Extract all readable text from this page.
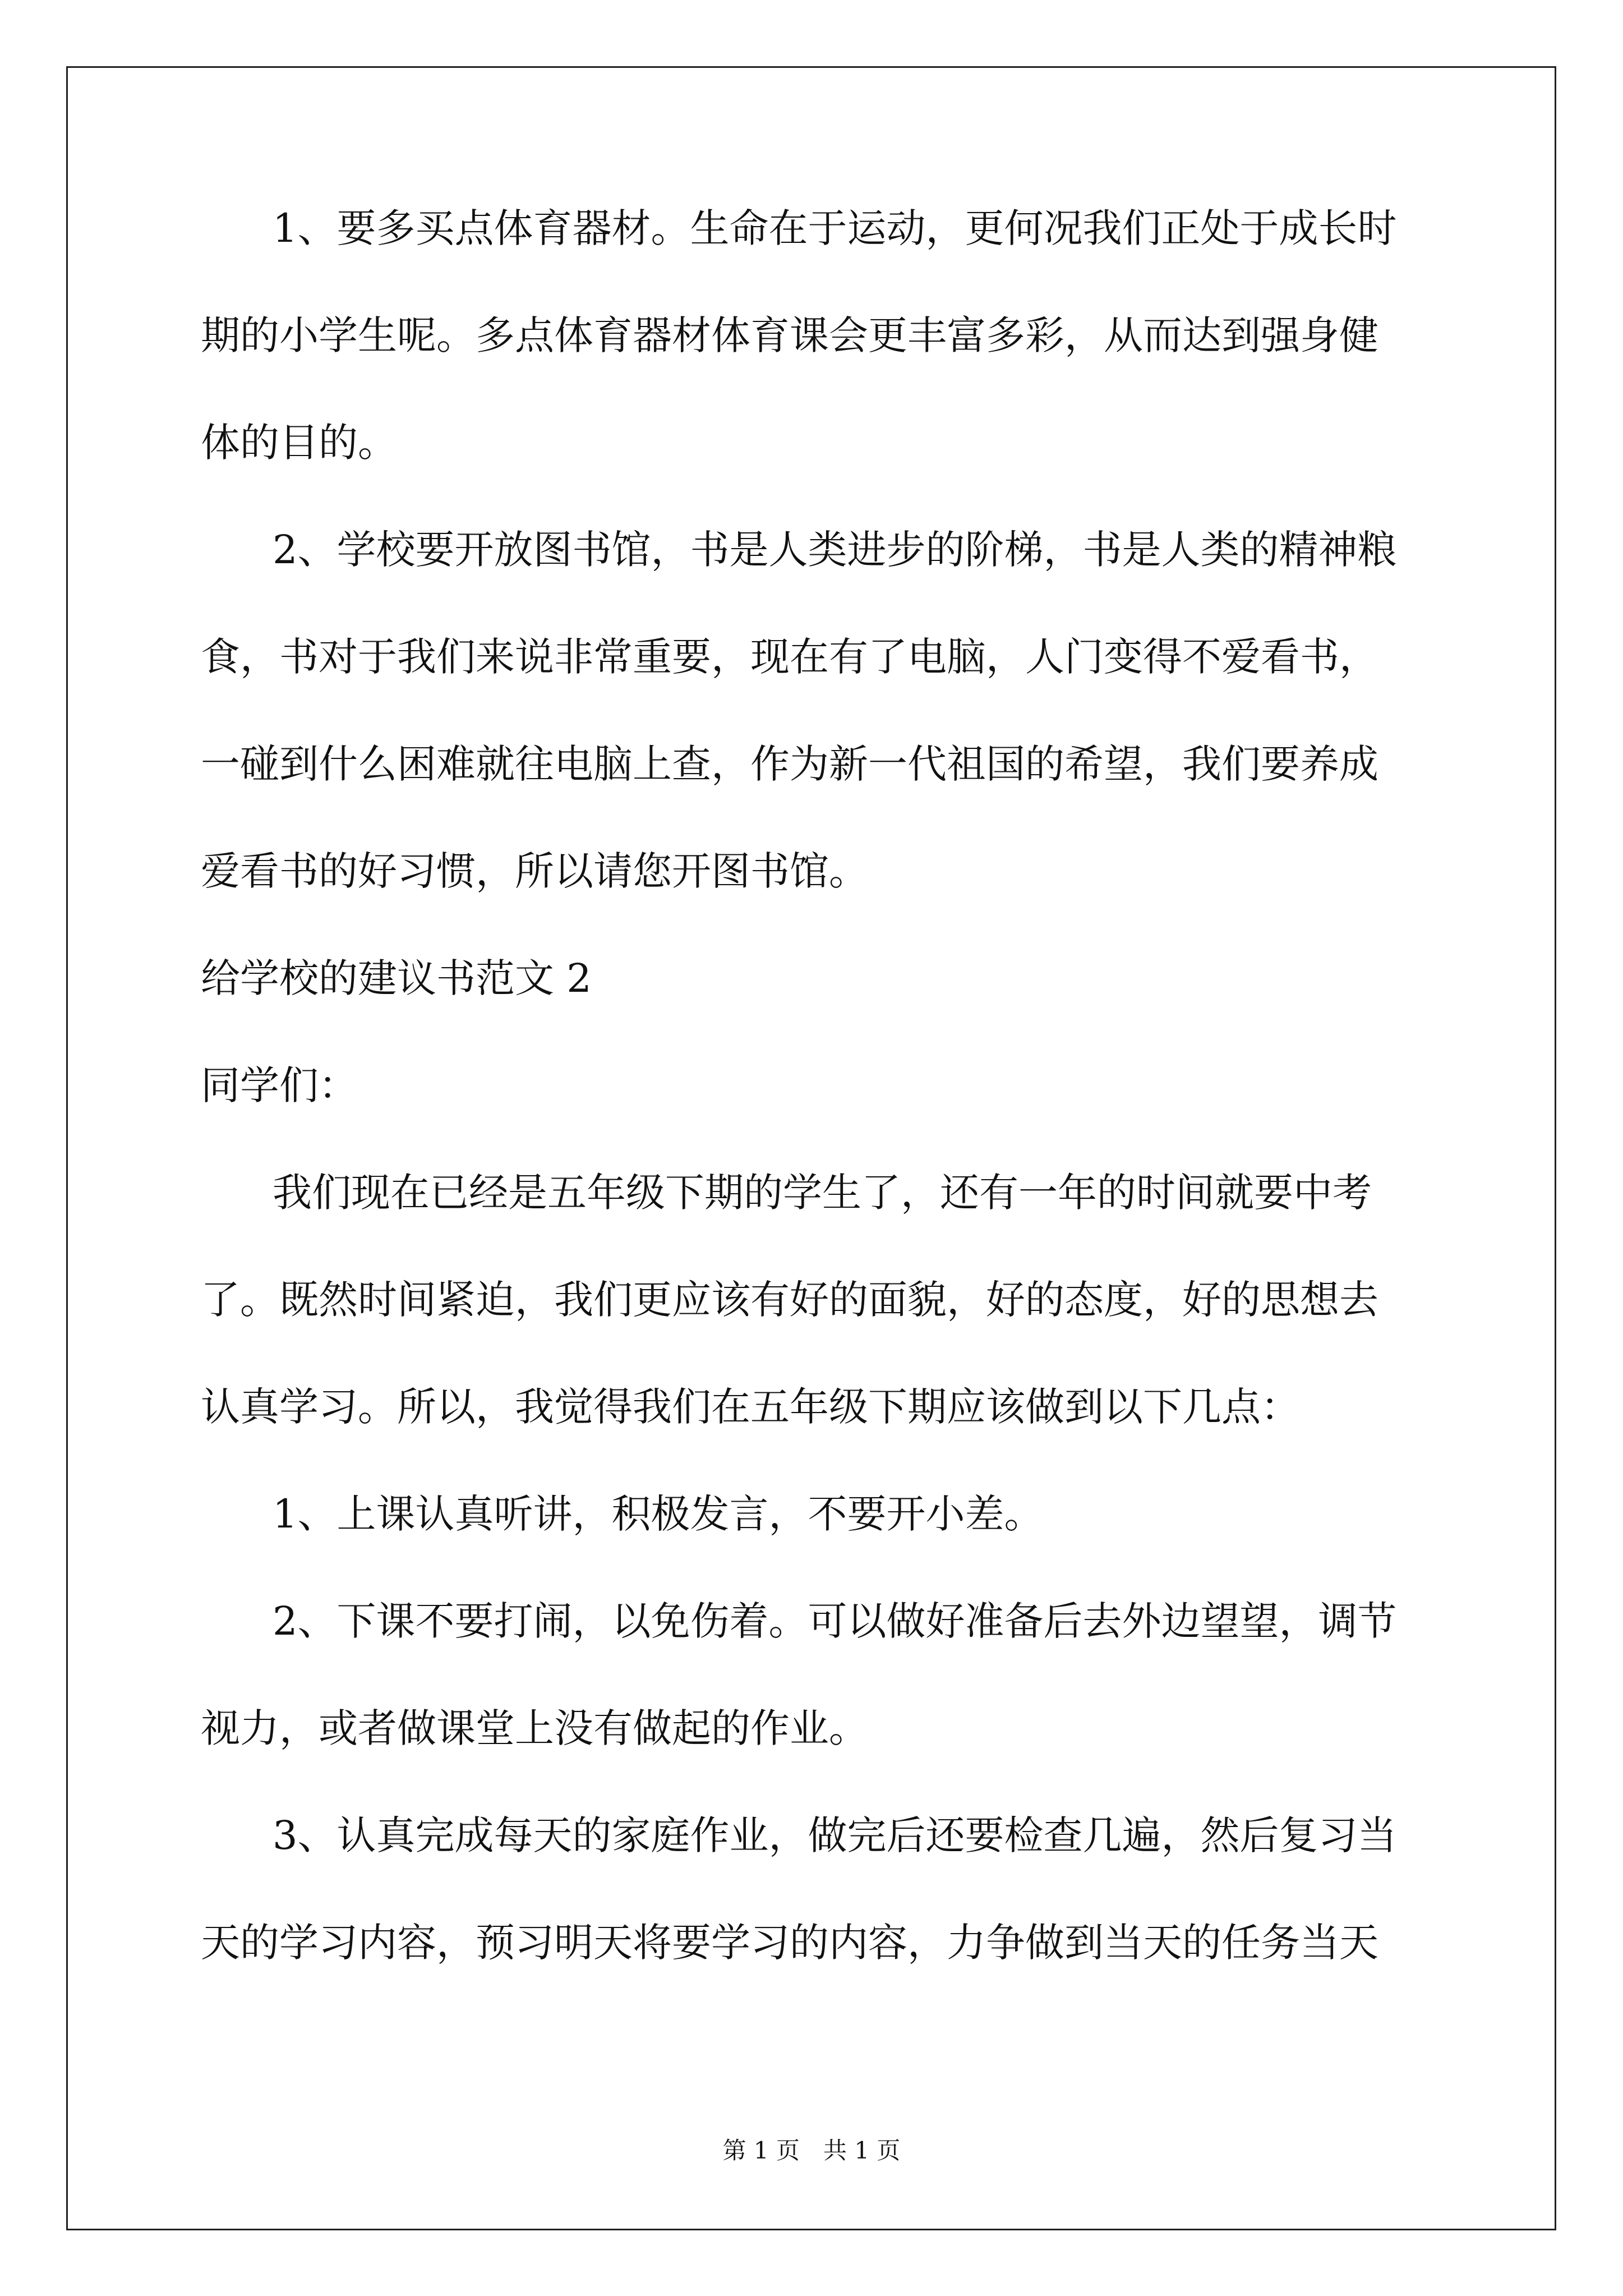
1、要多买点体育器材。生命在于运动，更何况我们正处于成长时
期的小学生呢。多点体育器材体育课会更丰富多彩，从而达到强身健
体的目的。
2、学校要开放图书馆，书是人类进步的阶梯，书是人类的精神粮
食，书对于我们来说非常重要，现在有了电脑，人门变得不爱看书，
一碰到什么困难就往电脑上查，作为新一代祖国的希望，我们要养成
爱看书的好习惯，所以请您开图书馆。
给学校的建议书范文 2
同学们：
我们现在已经是五年级下期的学生了，还有一年的时间就要中考
了。既然时间紧迫，我们更应该有好的面貌，好的态度，好的思想去
认真学习。所以，我觉得我们在五年级下期应该做到以下几点：
1、上课认真听讲，积极发言，不要开小差。
2、下课不要打闹，以免伤着。可以做好准备后去外边望望，调节
视力，或者做课堂上没有做起的作业。
3、认真完成每天的家庭作业，做完后还要检查几遍，然后复习当
天的学习内容，预习明天将要学习的内容，力争做到当天的任务当天
第 1 页　共 1 页
